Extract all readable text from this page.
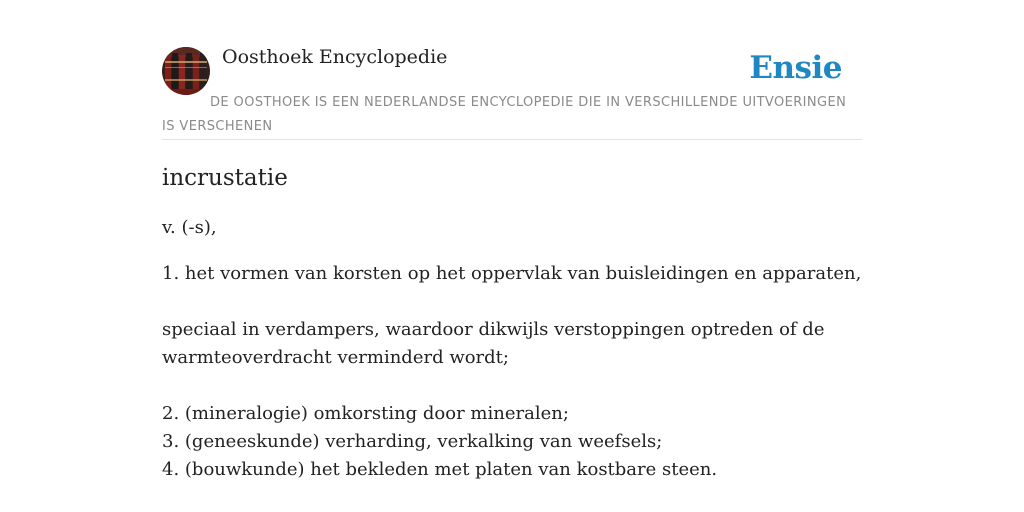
Oosthoek Encyclopedie	Ensie
DE OOSTHOEK IS EEN NEDERLANDSE ENCYCLOPEDIE DIE IN VERSCHILLENDE UITVOERINGEN IS VERSCHENEN
incrustatie

v. (-s),

1. het vormen van korsten op het oppervlak van buisleidingen en apparaten,
speciaal in verdampers, waardoor dikwijls verstoppingen optreden of de
warmteoverdracht verminderd wordt;
2. (mineralogie) omkorsting door mineralen;
3. (geneeskunde) verharding, verkalking van weefsels;
4. (bouwkunde) het bekleden met platen van kostbare steen.
